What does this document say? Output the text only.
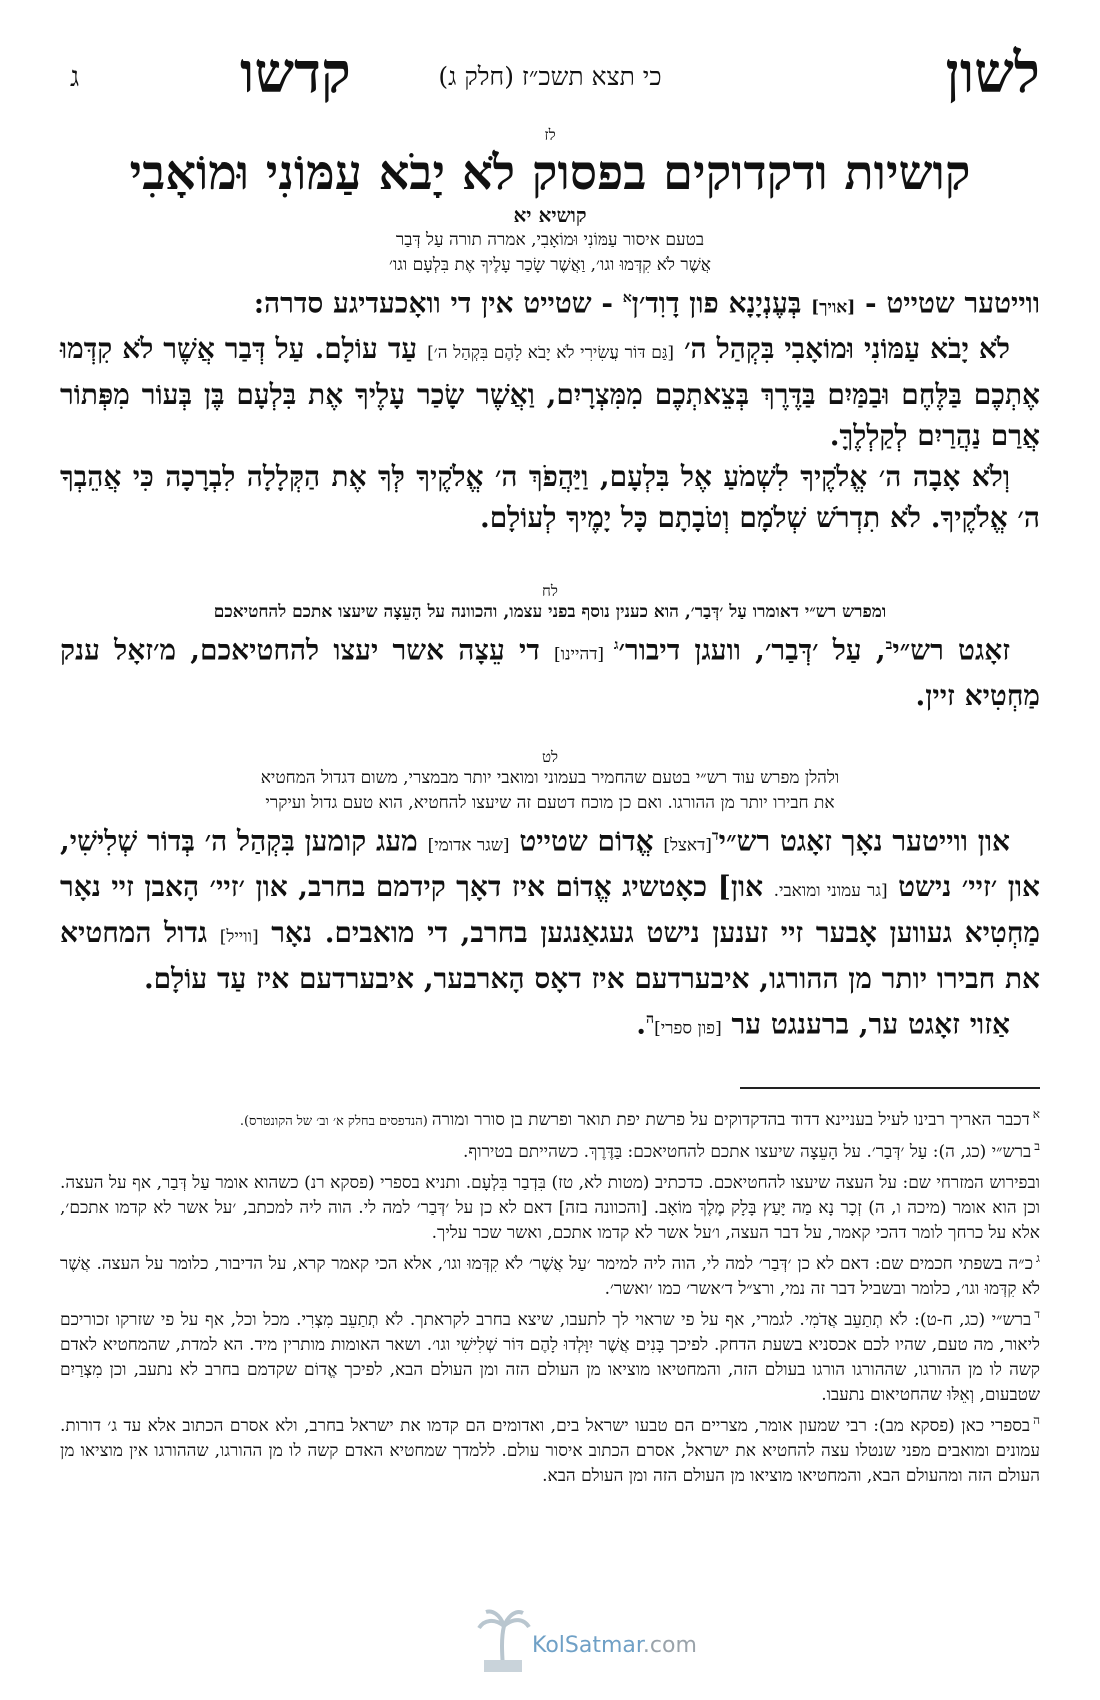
לשון
כי תצא תשכ״ז (חלק ג)
קדשו
ג

לז

קושיות ודקדוקים בפסוק לֹא יָבֹא עַמּוֹנִי וּמוֹאָבִי

קושיא יא

בטעם איסור עַמּוֹנִי וּמוֹאָבִי, אמרה תורה עַל דְּבַר

אֲשֶׁר לֹא קִדְּמוּ וגו׳, וַאֲשֶׁר שָׂכַר עָלֶיךָ אֶת בִּלְעָם וגו׳

ווייטער שטייט - [אויך] בְּעֶנְיָנָא פון דָוִד׳ן$^א$ - שטייט אין די וואָכעדיגע סדרה:

לֹא יָבֹא עַמּוֹנִי וּמוֹאָבִי בִּקְהַל ה׳ [גַּם דּוֹר עֲשִׂירִי לֹא יָבֹא לָהֶם בִּקְהַל ה׳] עַד עוֹלָם. עַל דְּבַר אֲשֶׁר לֹא קִדְּמוּ אֶתְכֶם בַּלֶּחֶם וּבַמַּיִם בַּדֶּרֶךְ בְּצֵאתְכֶם מִמִּצְרָיִם, וַאֲשֶׁר שָׂכַר עָלֶיךָ אֶת בִּלְעָם בֶּן בְּעוֹר מִפְּתוֹר אֲרַם נַהֲרַיִם לְקַלְלֶךָּ.

וְלֹא אָבָה ה׳ אֱלֹקֶיךָ לִשְׁמֹעַ אֶל בִּלְעָם, וַיַּהֲפֹךְ ה׳ אֱלֹקֶיךָ לְּךָ אֶת הַקְּלָלָה לִבְרָכָה כִּי אֲהֵבְךָ ה׳ אֱלֹקֶיךָ. לֹא תִדְרֹשׁ שְׁלֹמָם וְטֹבָתָם כָּל יָמֶיךָ לְעוֹלָם.

לח

ומפרש רש״י דאומרו עַל ׳דְּבַר׳, הוא כענין נוסף בפני עצמו, והכוונה על הָעֵצָה שיעצו אתכם להחטיאכם

זאָגט רש״י$^ב$, עַל ׳דְּבַר׳, וועגן דיבור׳$^ג$ [דהיינו] די עֵצָה אשר יעצו להחטיאכם, מ׳זאָל ענק מַחְטִיא זיין.

לט

ולהלן מפרש עוד רש״י בטעם שהחמיר בעמוני ומואבי יותר מבמצרי, משום דגדול המחטיא

את חבירו יותר מן ההורגו. ואם כן מוכח דטעם זה שיעצו להחטיא, הוא טעם גדול ועיקרי

און ווייטער נאָך זאָגט רש״י$^ד$[דאצל] אֱדוֹם שטייט [שגר אדומי] מעג קומען בִּקְהַל ה׳ בְּדוֹר שְׁלִישִׁי, און ׳זיי׳ נישט [גר עמוני ומואבי. און] כאָטשיג אֱדוֹם איז דאָך קידמם בחרב, און ׳זיי׳ הָאבן זיי נאָר מַחְטִיא געווען אָבער זיי זענען נישט געגאַנגען בחרב, די מואבים. נאָר [ווייל] גדול המחטיא את חבירו יותר מן ההורגו, איבערדעם איז דאָס הָארבער, איבערדעם איז עַד עוֹלָם.

אַזוי זאָגט ער, ברענגט ער [פון ספרי]$^ה$.

$^א$דכבר האריך רבינו לעיל בעניינא דדוד בהדקדוקים על פרשת יפת תואר ופרשת בן סורר ומורה (הנדפסים בחלק א׳ וב׳ של הקונטרס).

$^ב$ברש״י (כג, ה): עַל ׳דְּבַר׳. על הָעֵצָה שיעצו אתכם להחטיאכם: בַּדֶּרֶךְ. כשהייתם בטירוף.

ובפירוש המזרחי שם: על העצה שיעצו להחטיאכם. כדכתיב (מטות לא, טז) בִּדְבַר בִּלְעָם. ותניא בספרי (פסקא רנ) כשהוא אומר עַל דְּבַר, אף על העצה. וכן הוא אומר (מיכה ו, ה) זְכָר נָא מַה יָּעַץ בָּלָק מֶלֶךְ מוֹאָב. [והכוונה בזה] דאם לא כן על ׳דְּבַר׳ למה לי. הוה ליה למכתב, ׳על אשר לא קדמו אתכם׳, אלא על כרחך לומר דהכי קאמר, על דבר העצה, ו׳על אשר לא קדמו אתכם, ואשר שכר עליך.

$^ג$כ״ה בשפתי חכמים שם: דאם לא כן ׳דְּבַר׳ למה לי, הוה ליה למימר ׳עַל אֲשֶׁר׳ לֹא קִדְּמוּ וגו׳, אלא הכי קאמר קרא, על הדיבור, כלומר על העצה. אֲשֶׁר לֹא קִדְּמוּ וגו׳, כלומר ובשביל דבר זה נמי, ורצ״ל ד׳אשר׳ כמו ׳ואשר׳.

$^ד$ברש״י (כג, ח-ט): לֹא תְתַעֵב אֲדֹמִי. לגמרי, אף על פי שראוי לך לתעבו, שיצא בחרב לקראתך. לֹא תְתַעֵב מִצְרִי. מכל וכל, אף על פי שזרקו זכוריכם ליאור, מה טעם, שהיו לכם אכסניא בשעת הדחק. לפיכך בָּנִים אֲשֶׁר יִוָּלְדוּ לָהֶם דּוֹר שְׁלִישִׁי וגו׳. ושאר האומות מותרין מיד. הא למדת, שהמחטיא לאדם קשה לו מן ההורגו, שההורגו הורגו בעולם הזה, והמחטיאו מוציאו מן העולם הזה ומן העולם הבא, לפיכך אֱדוֹם שקדמם בחרב לא נתעב, וכן מִצְרַיִם שטבעום, וְאֵלּוּ שהחטיאום נתעבו.

$^ה$בספרי כאן (פסקא מב): רבי שמעון אומר, מצריים הם טבעו ישראל בים, ואדומים הם קדמו את ישראל בחרב, ולא אסרם הכתוב אלא עד ג׳ דורות. עמונים ומואבים מפני שנטלו עצה להחטיא את ישראל, אסרם הכתוב איסור עולם. ללמדך שמחטיא האדם קשה לו מן ההורגו, שההורגו אין מוציאו מן העולם הזה ומהעולם הבא, והמחטיאו מוציאו מן העולם הזה ומן העולם הבא.

KolSatmar.com
